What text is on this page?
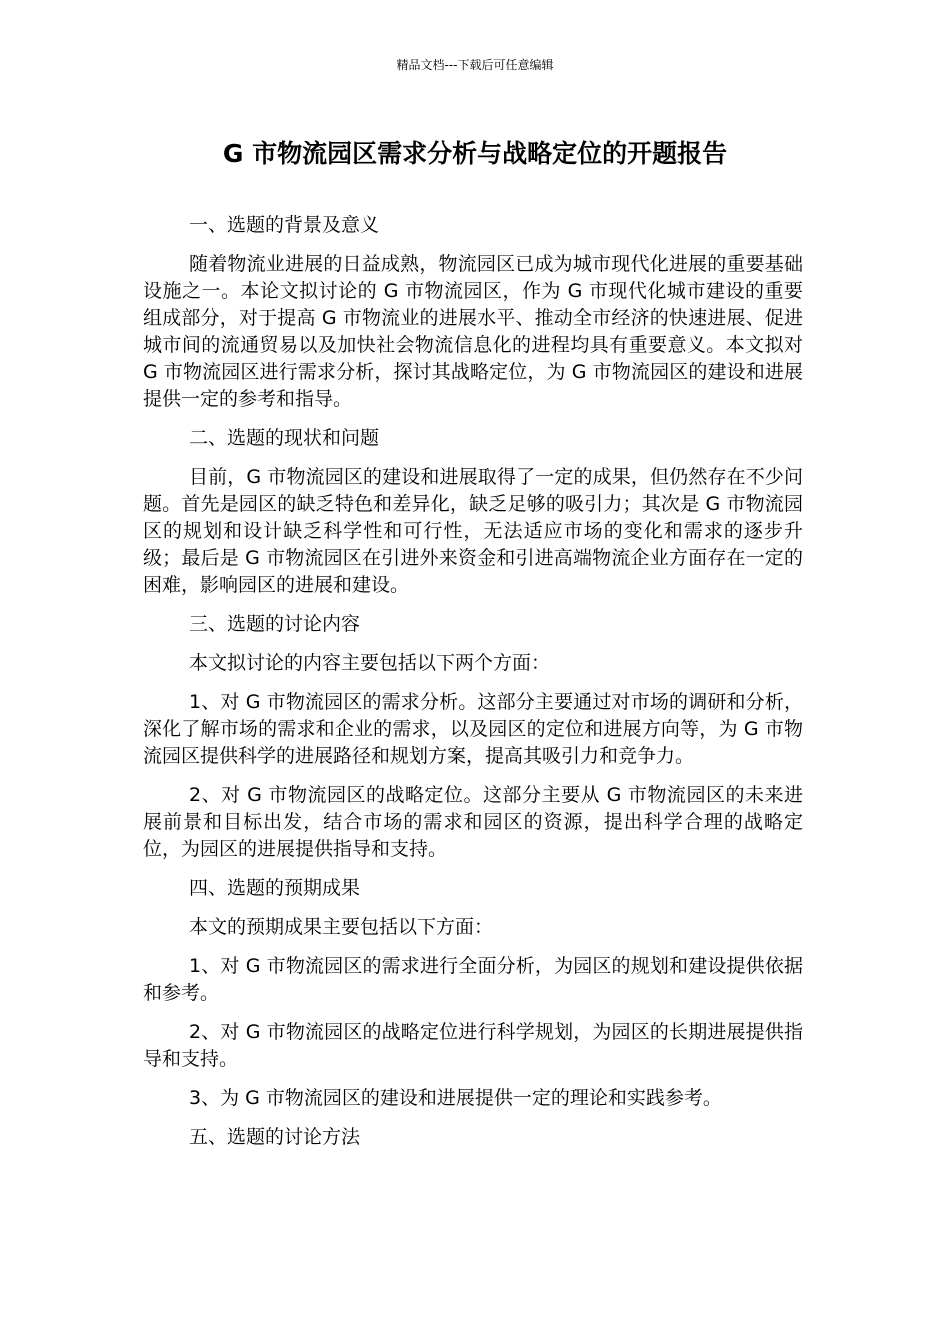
精品文档---下载后可任意编辑
G 市物流园区需求分析与战略定位的开题报告

一、选题的背景及意义

随着物流业进展的日益成熟，物流园区已成为城市现代化进展的重要基础设施之一。本论文拟讨论的 G 市物流园区，作为 G 市现代化城市建设的重要组成部分，对于提高 G 市物流业的进展水平、推动全市经济的快速进展、促进城市间的流通贸易以及加快社会物流信息化的进程均具有重要意义。本文拟对 G 市物流园区进行需求分析，探讨其战略定位，为 G 市物流园区的建设和进展提供一定的参考和指导。

二、选题的现状和问题

目前，G 市物流园区的建设和进展取得了一定的成果，但仍然存在不少问题。首先是园区的缺乏特色和差异化，缺乏足够的吸引力；其次是 G 市物流园区的规划和设计缺乏科学性和可行性，无法适应市场的变化和需求的逐步升级；最后是 G 市物流园区在引进外来资金和引进高端物流企业方面存在一定的困难，影响园区的进展和建设。

三、选题的讨论内容

本文拟讨论的内容主要包括以下两个方面：

1、对 G 市物流园区的需求分析。这部分主要通过对市场的调研和分析，深化了解市场的需求和企业的需求，以及园区的定位和进展方向等，为 G 市物流园区提供科学的进展路径和规划方案，提高其吸引力和竞争力。

2、对 G 市物流园区的战略定位。这部分主要从 G 市物流园区的未来进展前景和目标出发，结合市场的需求和园区的资源，提出科学合理的战略定位，为园区的进展提供指导和支持。

四、选题的预期成果

本文的预期成果主要包括以下方面：

1、对 G 市物流园区的需求进行全面分析，为园区的规划和建设提供依据和参考。

2、对 G 市物流园区的战略定位进行科学规划，为园区的长期进展提供指导和支持。

3、为 G 市物流园区的建设和进展提供一定的理论和实践参考。

五、选题的讨论方法
